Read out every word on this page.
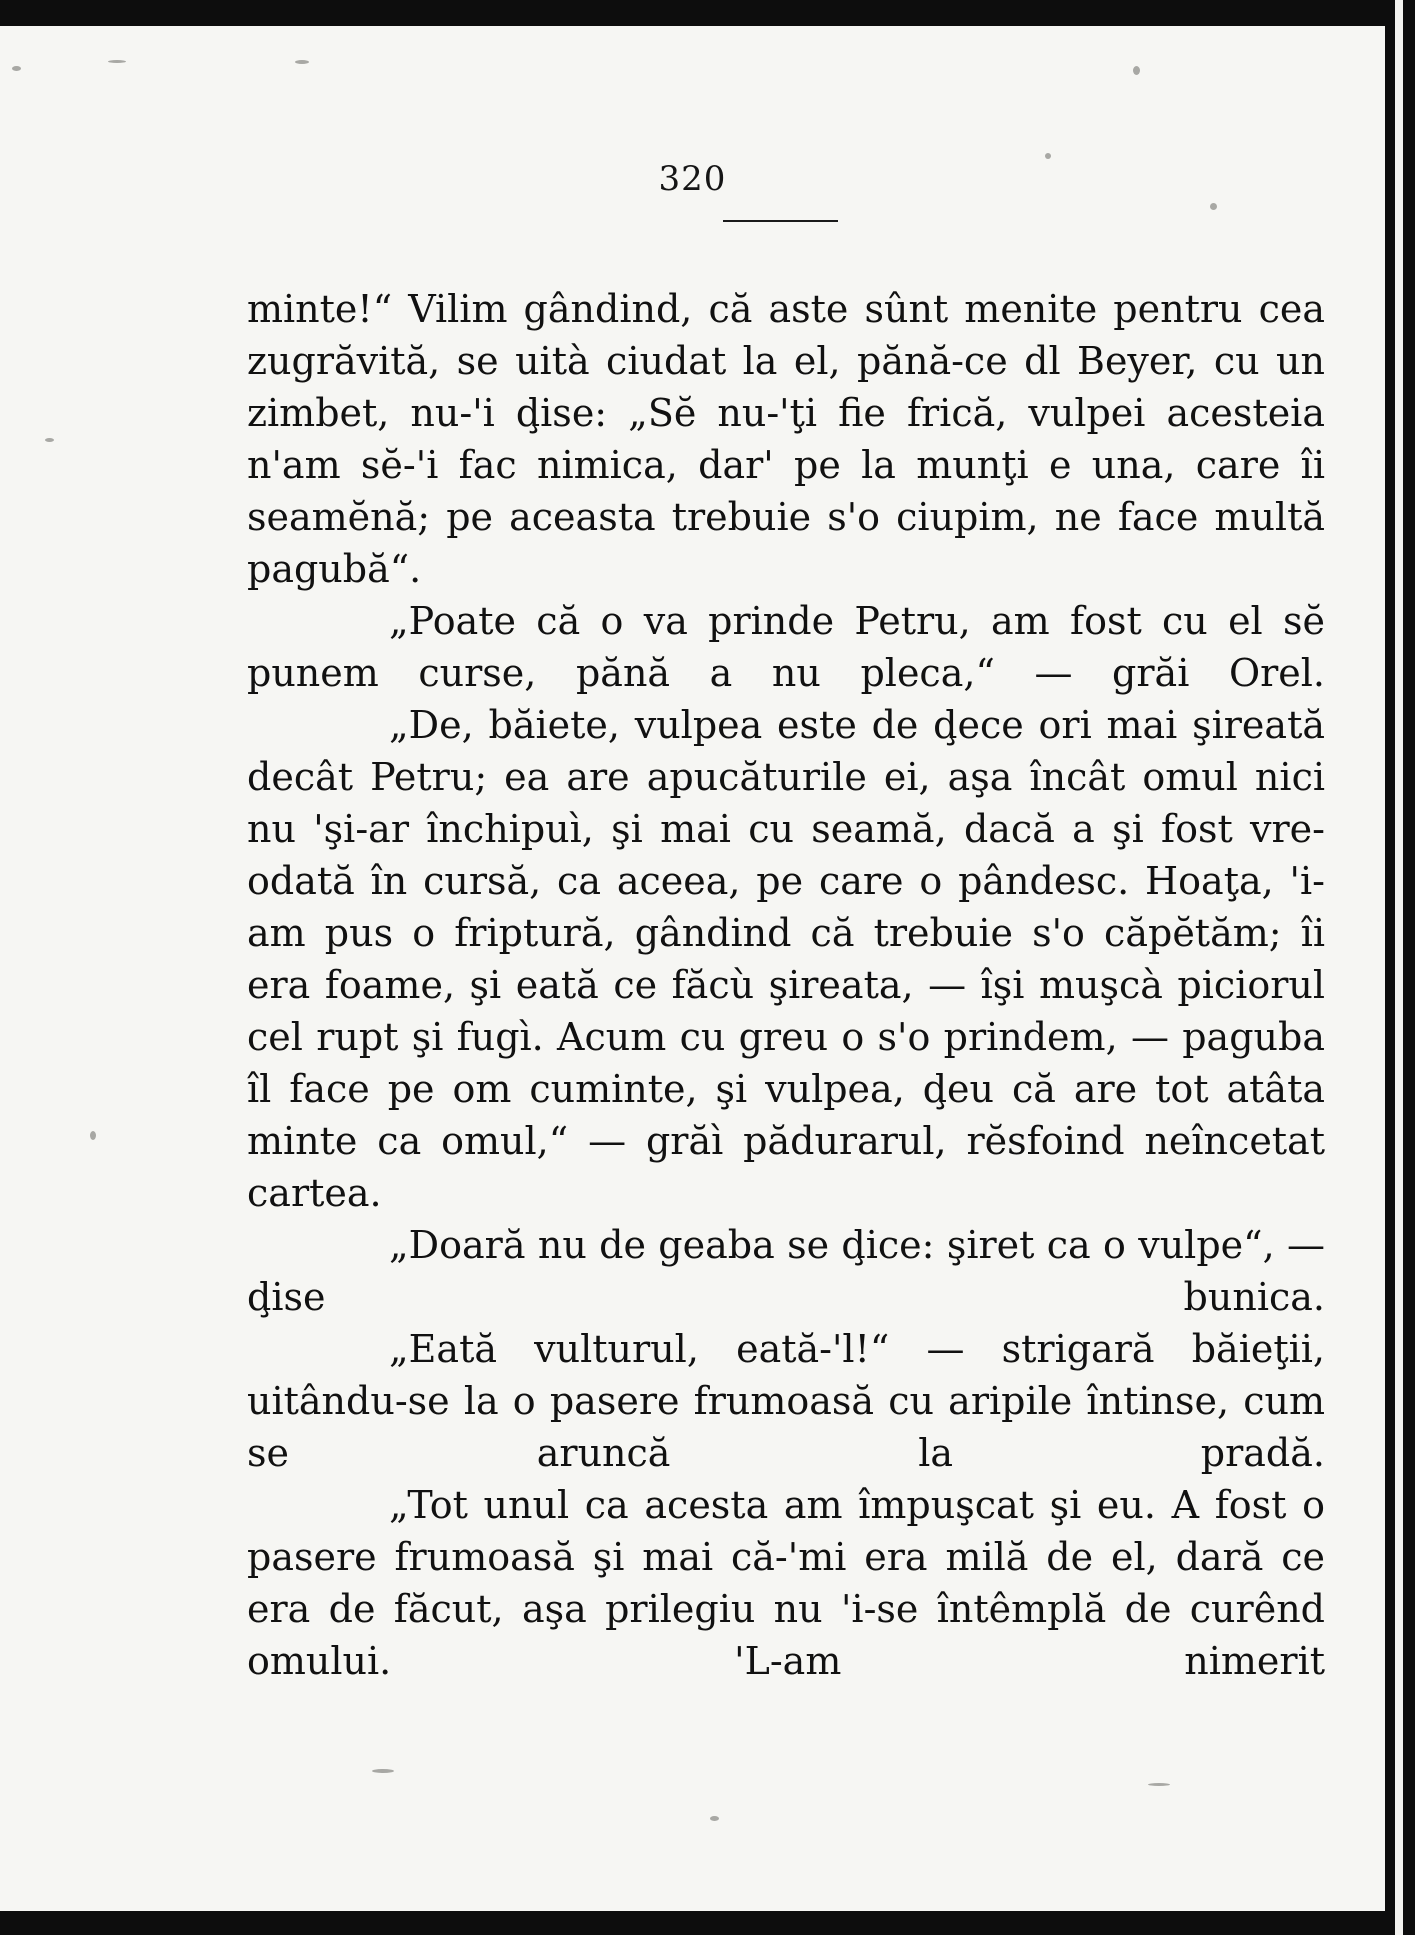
320

minte!“ Vilim gândind, că aste sûnt menite pentru cea zugrăvită, se uità ciudat la el, pănă-ce dl Beyer, cu un zimbet, nu-'i ḑise: „Sĕ nu-'ţi fie frică, vulpei acesteia n'am sĕ-'i fac nimica, dar' pe la munţi e una, care îi seamĕnă; pe aceasta trebuie s'o ciupim, ne face multă pagubă“.

„Poate că o va prinde Petru, am fost cu el sĕ punem curse, pănă a nu pleca,“ — grăi Orel.

„De, băiete, vulpea este de ḑece ori mai şireată decât Petru; ea are apucăturile ei, aşa încât omul nici nu 'şi-ar închipuì, şi mai cu seamă, dacă a şi fost vre-odată în cursă, ca aceea, pe care o pândesc. Hoaţa, 'i-am pus o friptură, gândind că trebuie s'o căpĕtăm; îi era foame, şi eată ce făcù şireata, — îşi muşcà piciorul cel rupt şi fugì. Acum cu greu o s'o prindem, — paguba îl face pe om cuminte, şi vulpea, ḑeu că are tot atâta minte ca omul,“ — grăì pădurarul, rĕsfoind neîncetat cartea.

„Doară nu de geaba se ḑice: şiret ca o vulpe“, — ḑise bunica.

„Eată vulturul, eată-'l!“ — strigară băieţii, uitându-se la o pasere frumoasă cu aripile întinse, cum se aruncă la pradă.

„Tot unul ca acesta am împuşcat şi eu. A fost o pasere frumoasă şi mai că-'mi era milă de el, dară ce era de făcut, aşa prilegiu nu 'i-se întêmplă de curênd omului. 'L-am nimerit
